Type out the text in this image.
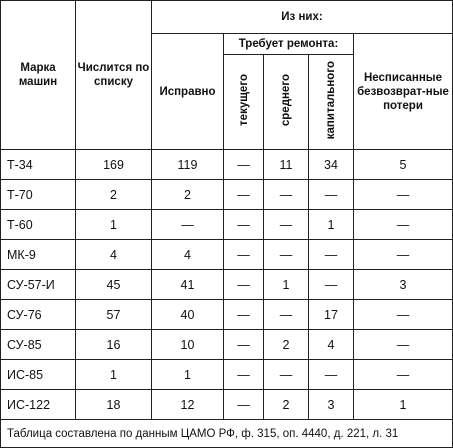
Марка машин	Числится по списку	Из них:				
		Исправно	Требует ремонта:			Несписанные безвозврат-ные потери
			текущего	среднего	капитального	
Т-34	169	119	—	11	34	5
Т-70	2	2	—	—	—	—
Т-60	1	—	—	—	1	—
МК-9	4	4	—	—	—	—
СУ-57-И	45	41	—	1	—	3
СУ-76	57	40	—	—	17	—
СУ-85	16	10	—	2	4	—
ИС-85	1	1	—	—	—	—
ИС-122	18	12	—	2	3	1
Таблица составлена по данным ЦАМО РФ, ф. 315, оп. 4440, д. 221, л. 31						
